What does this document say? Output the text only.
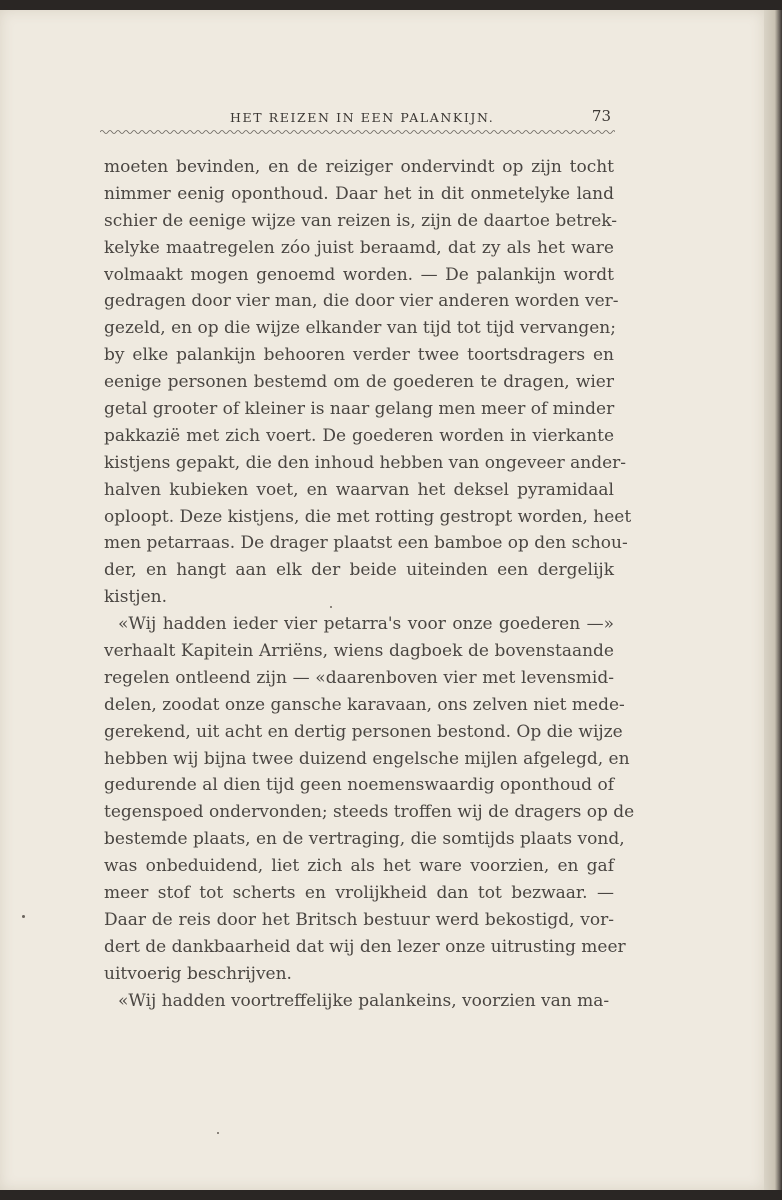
HET REIZEN IN EEN PALANKIJN.	73
moeten bevinden, en de reiziger ondervindt op zijn tocht
nimmer eenig oponthoud. Daar het in dit onmetelyke land
schier de eenige wijze van reizen is, zijn de daartoe betrek-
kelyke maatregelen zóo juist beraamd, dat zy als het ware
volmaakt mogen genoemd worden. — De palankijn wordt
gedragen door vier man, die door vier anderen worden ver-
gezeld, en op die wijze elkander van tijd tot tijd vervangen;
by elke palankijn behooren verder twee toortsdragers en
eenige personen bestemd om de goederen te dragen, wier
getal grooter of kleiner is naar gelang men meer of minder
pakkazië met zich voert. De goederen worden in vierkante
kistjens gepakt, die den inhoud hebben van ongeveer ander-
halven kubieken voet, en waarvan het deksel pyramidaal
oploopt. Deze kistjens, die met rotting gestropt worden, heet
men petarraas. De drager plaatst een bamboe op den schou-
der, en hangt aan elk der beide uiteinden een dergelijk
kistjen.
«Wij hadden ieder vier petarra's voor onze goederen —»
verhaalt Kapitein Arriëns, wiens dagboek de bovenstaande
regelen ontleend zijn — «daarenboven vier met levensmid-
delen, zoodat onze gansche karavaan, ons zelven niet mede-
gerekend, uit acht en dertig personen bestond. Op die wijze
hebben wij bijna twee duizend engelsche mijlen afgelegd, en
gedurende al dien tijd geen noemenswaardig oponthoud of
tegenspoed ondervonden; steeds troffen wij de dragers op de
bestemde plaats, en de vertraging, die somtijds plaats vond,
was onbeduidend, liet zich als het ware voorzien, en gaf
meer stof tot scherts en vrolijkheid dan tot bezwaar. —
Daar de reis door het Britsch bestuur werd bekostigd, vor-
dert de dankbaarheid dat wij den lezer onze uitrusting meer
uitvoerig beschrijven.
«Wij hadden voortreffelijke palankeins, voorzien van ma-
